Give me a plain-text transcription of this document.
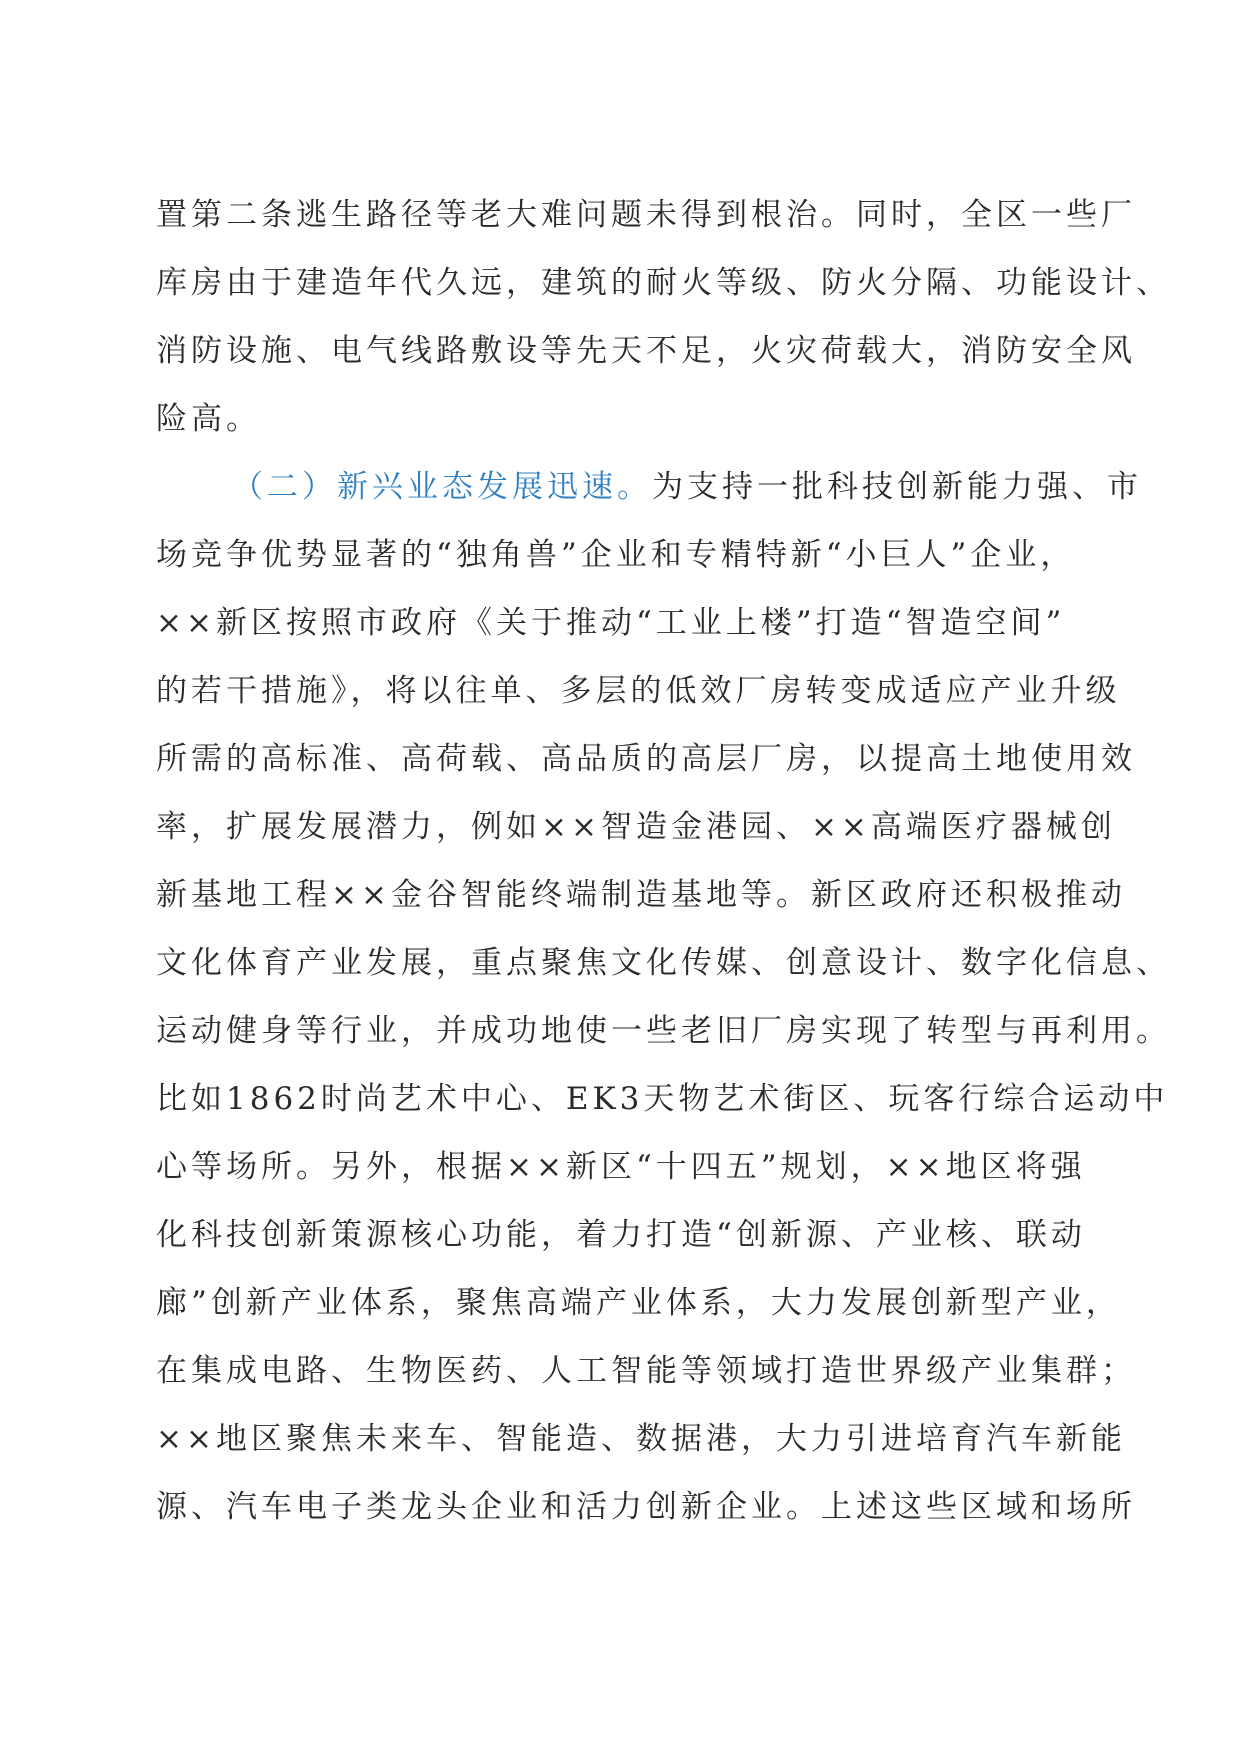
置第二条逃生路径等老大难问题未得到根治。同时，全区一些厂
库房由于建造年代久远，建筑的耐火等级、防火分隔、功能设计、
消防设施、电气线路敷设等先天不足，火灾荷载大，消防安全风
险高。
（二）新兴业态发展迅速。为支持一批科技创新能力强、市
场竞争优势显著的“独角兽”企业和专精特新“小巨人”企业，
××新区按照市政府《关于推动“工业上楼”打造“智造空间”
的若干措施》，将以往单、多层的低效厂房转变成适应产业升级
所需的高标准、高荷载、高品质的高层厂房，以提高土地使用效
率，扩展发展潜力，例如××智造金港园、××高端医疗器械创
新基地工程××金谷智能终端制造基地等。新区政府还积极推动
文化体育产业发展，重点聚焦文化传媒、创意设计、数字化信息、
运动健身等行业，并成功地使一些老旧厂房实现了转型与再利用。
比如1862时尚艺术中心、EK3天物艺术街区、玩客行综合运动中
心等场所。另外，根据××新区“十四五”规划，××地区将强
化科技创新策源核心功能，着力打造“创新源、产业核、联动
廊”创新产业体系，聚焦高端产业体系，大力发展创新型产业，
在集成电路、生物医药、人工智能等领域打造世界级产业集群；
××地区聚焦未来车、智能造、数据港，大力引进培育汽车新能
源、汽车电子类龙头企业和活力创新企业。上述这些区域和场所
